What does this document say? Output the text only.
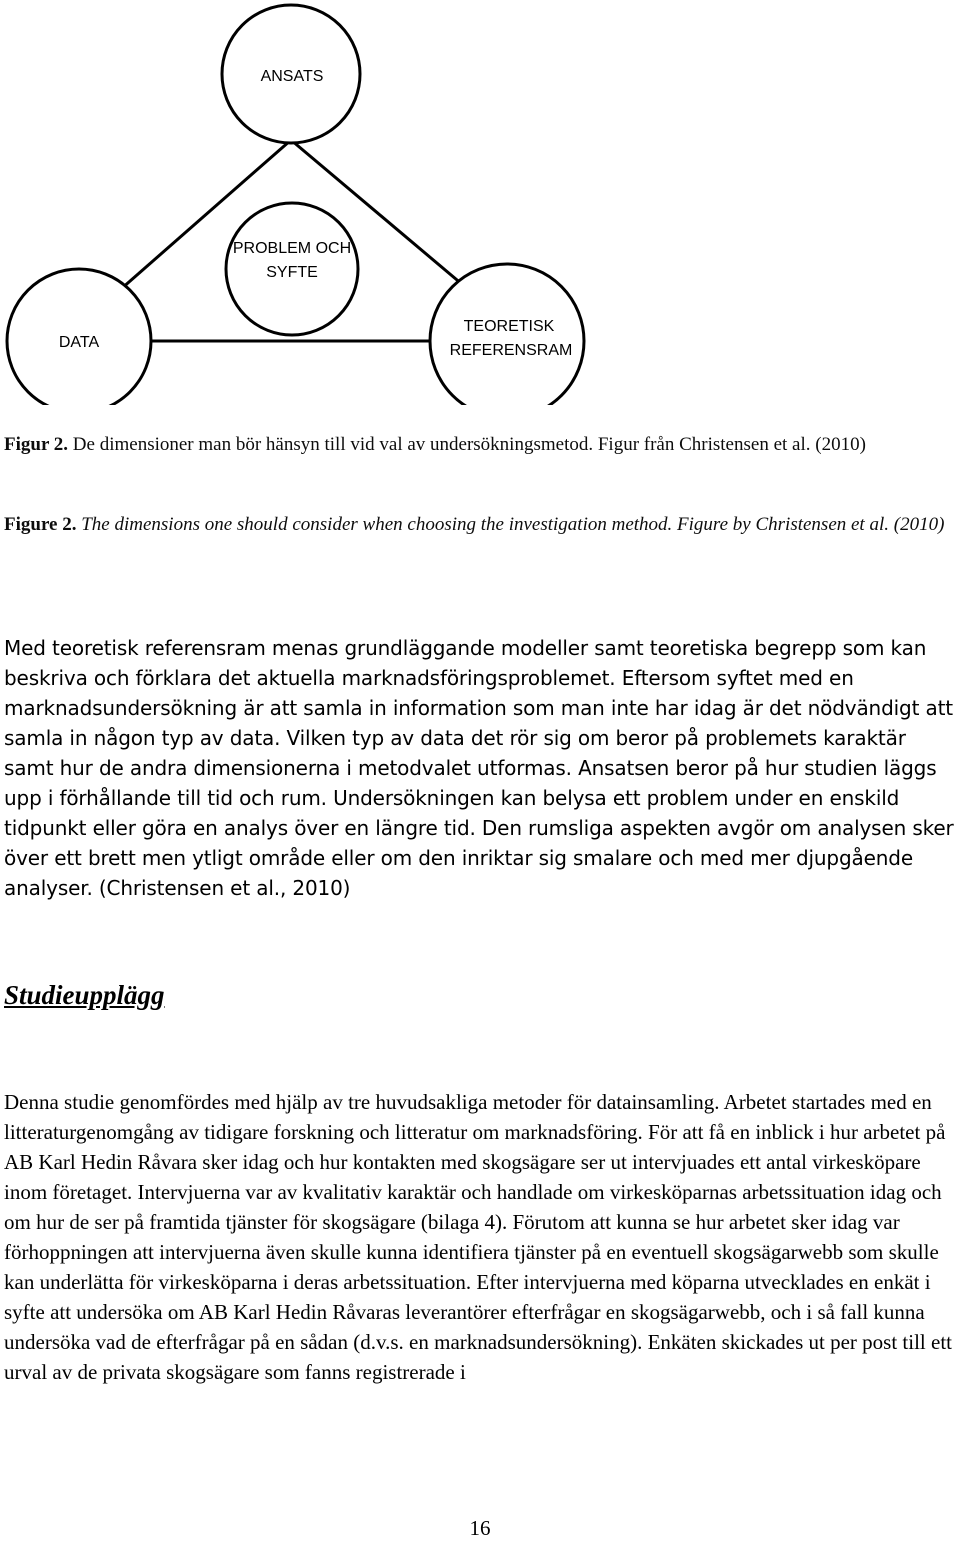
ANSATS
PROBLEM OCH
SYFTE
DATA
TEORETISK
REFERENSRAM
Figur 2. De dimensioner man bör hänsyn till vid val av undersökningsmetod. Figur från Christensen et al. (2010)
Figure 2. The dimensions one should consider when choosing the investigation method. Figure by Christensen et al. (2010)

Med teoretisk referensram menas grundläggande modeller samt teoretiska begrepp som kan beskriva och förklara det aktuella marknadsföringsproblemet. Eftersom syftet med en marknadsundersökning är att samla in information som man inte har idag är det nödvändigt att samla in någon typ av data. Vilken typ av data det rör sig om beror på problemets karaktär samt hur de andra dimensionerna i metodvalet utformas. Ansatsen beror på hur studien läggs upp i förhållande till tid och rum. Undersökningen kan belysa ett problem under en enskild tidpunkt eller göra en analys över en längre tid. Den rumsliga aspekten avgör om analysen sker över ett brett men ytligt område eller om den inriktar sig smalare och med mer djupgående analyser. (Christensen et al., 2010)

Studieupplägg

Denna studie genomfördes med hjälp av tre huvudsakliga metoder för datainsamling. Arbetet startades med en litteraturgenomgång av tidigare forskning och litteratur om marknadsföring. För att få en inblick i hur arbetet på AB Karl Hedin Råvara sker idag och hur kontakten med skogsägare ser ut intervjuades ett antal virkesköpare inom företaget. Intervjuerna var av kvalitativ karaktär och handlade om virkesköparnas arbetssituation idag och om hur de ser på framtida tjänster för skogsägare (bilaga 4). Förutom att kunna se hur arbetet sker idag var förhoppningen att intervjuerna även skulle kunna identifiera tjänster på en eventuell skogsägarwebb som skulle kan underlätta för virkesköparna i deras arbetssituation. Efter intervjuerna med köparna utvecklades en enkät i syfte att undersöka om AB Karl Hedin Råvaras leverantörer efterfrågar en skogsägarwebb, och i så fall kunna undersöka vad de efterfrågar på en sådan (d.v.s. en marknadsundersökning). Enkäten skickades ut per post till ett urval av de privata skogsägare som fanns registrerade i

16
